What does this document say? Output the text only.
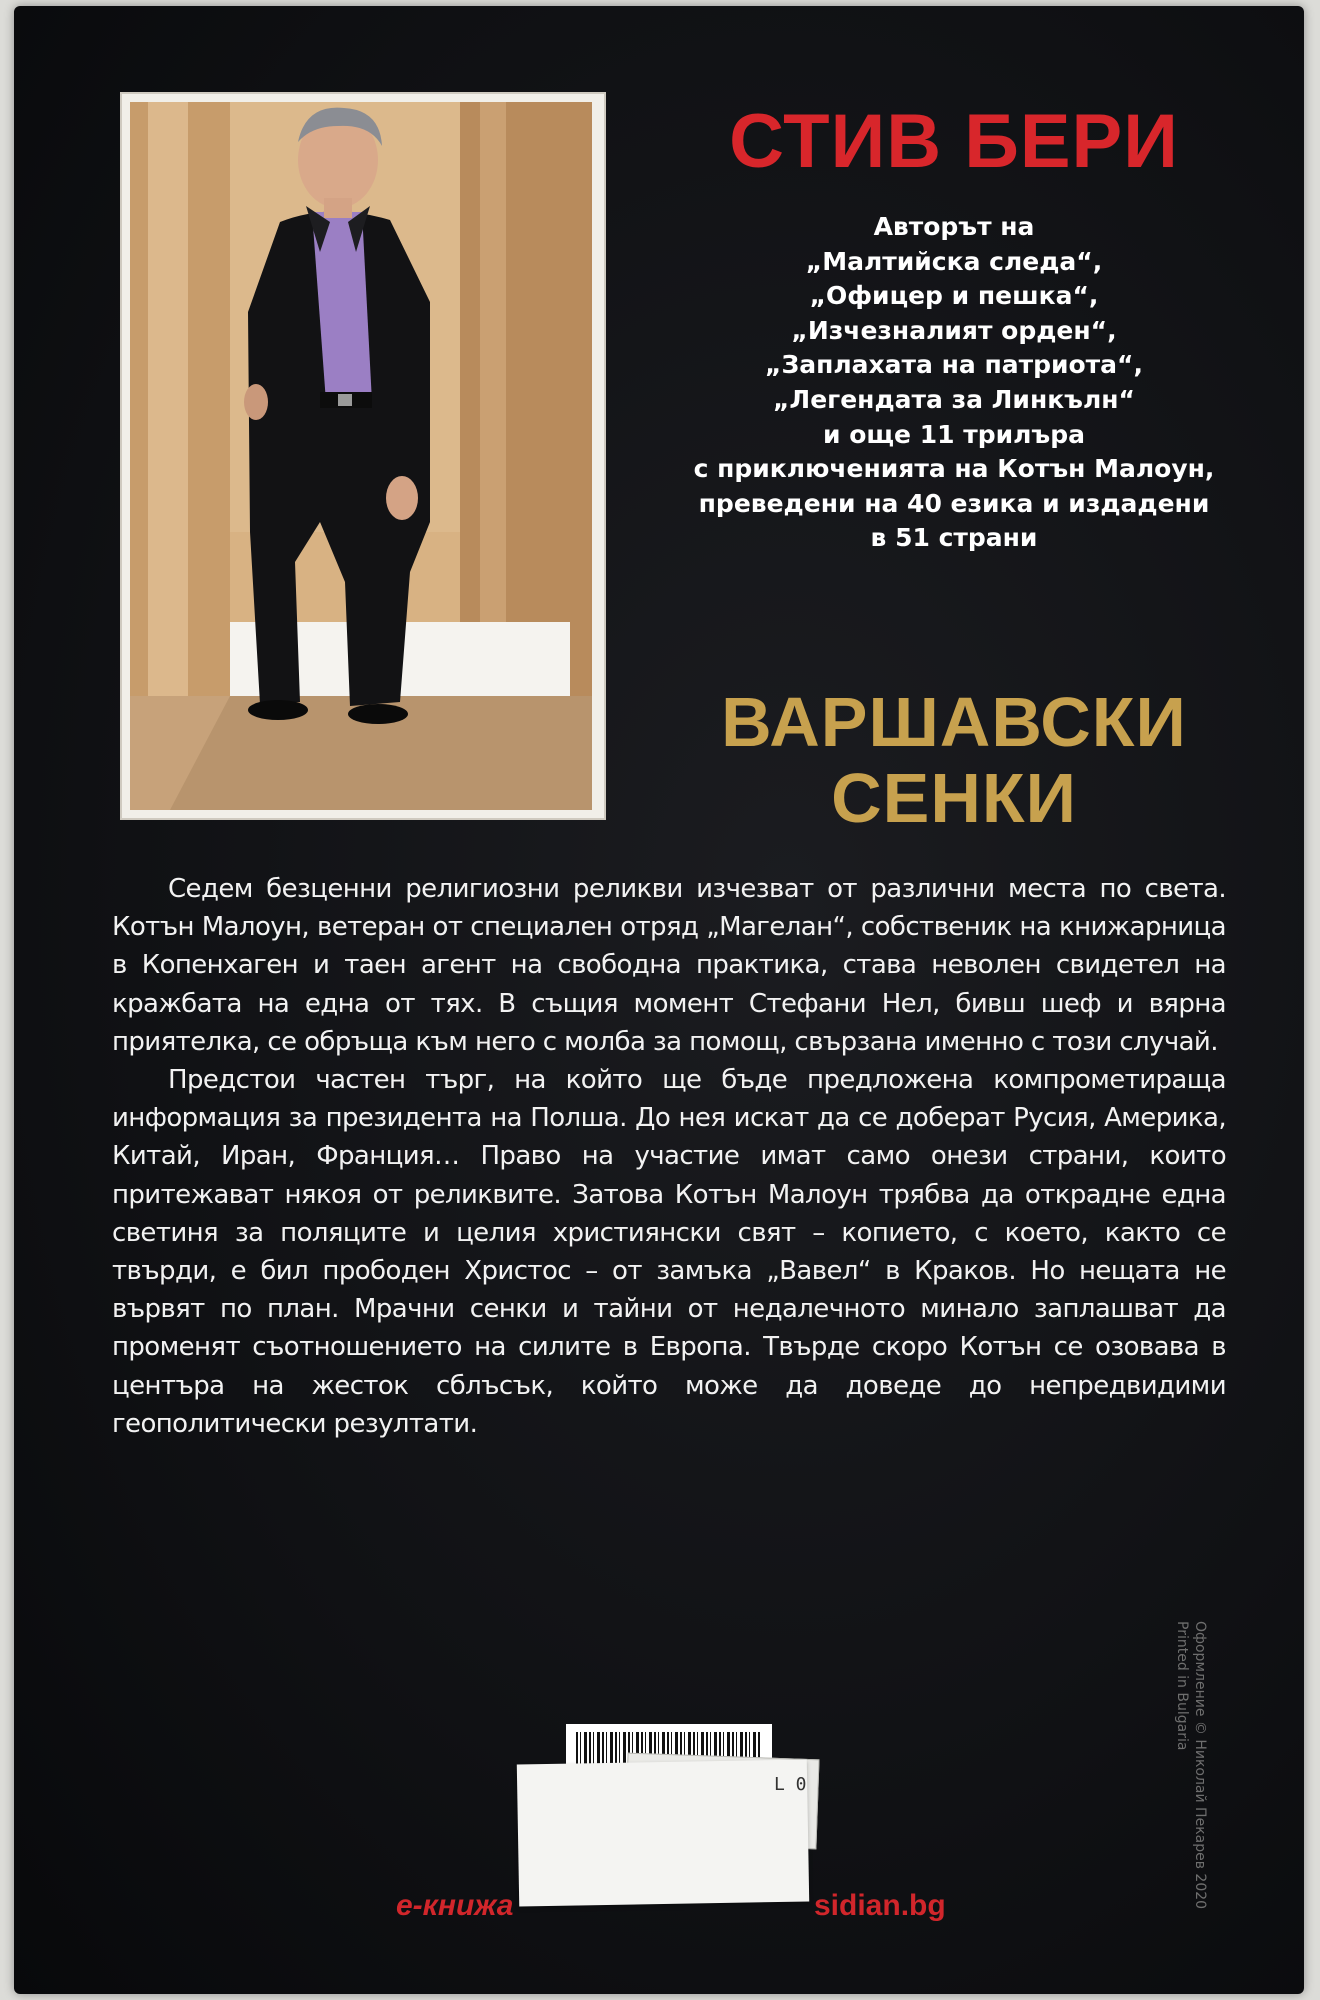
СТИВ БЕРИ
Авторът на
„Малтийска следа“,
„Офицер и пешка“,
„Изчезналият орден“,
„Заплахата на патриота“,
„Легендата за Линкълн“
и още 11 трилъра
с приключенията на Котън Малоун,
преведени на 40 езика и издадени
в 51 страни
ВАРШАВСКИ
СЕНКИ

Седем безценни религиозни реликви изчезват от различни места по света. Котън Малоун, ветеран от специален отряд „Магелан“, собственик на книжарница в Копенхаген и таен агент на свободна практика, става неволен свидетел на кражбата на една от тях. В същия момент Стефани Нел, бивш шеф и вярна приятелка, се обръща към него с молба за помощ, свързана именно с този случай.

Предстои частен търг, на който ще бъде предложена компрометираща информация за президента на Полша. До нея искат да се доберат Русия, Америка, Китай, Иран, Франция… Право на участие имат само онези страни, които притежават някоя от реликвите. Затова Котън Малоун трябва да открадне една светиня за поляците и целия християнски свят – копието, с което, както се твърди, е бил прободен Христос – от замъка „Вавел“ в Краков. Но нещата не вървят по план. Мрачни сенки и тайни от недалечното минало заплашват да променят съотношението на силите в Европа. Твърде скоро Котън се озовава в центъра на жесток сблъсък, който може да доведе до непредвидими геополитически резултати.

Оформление © Николай Пекарев 2020
Printed in Bulgaria
е-книжа	sidian.bg
L 0
